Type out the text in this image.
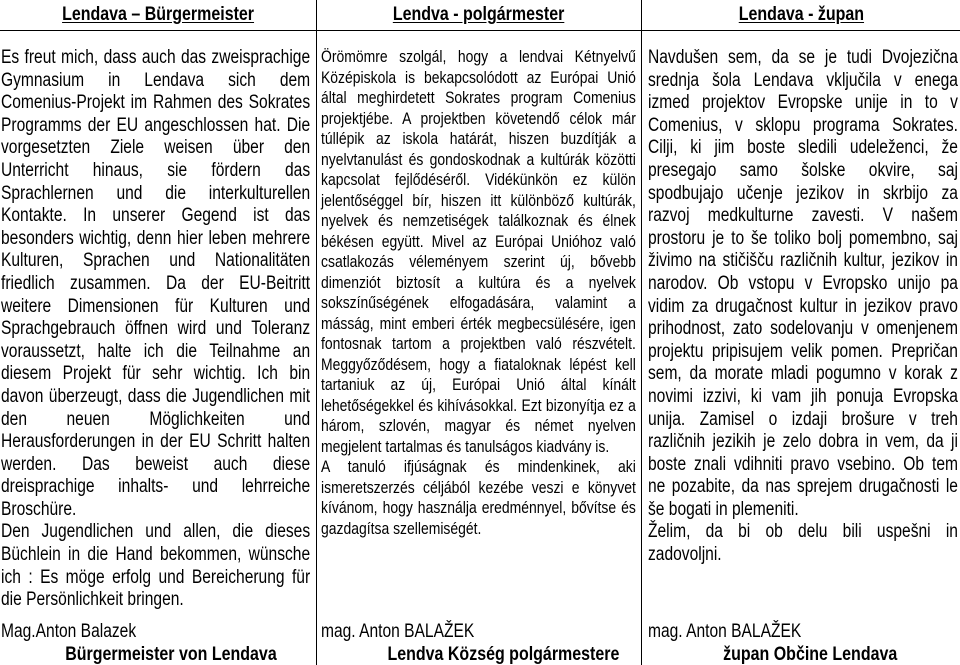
Lendava – Bürgermeister	Lendva - polgármester	Lendava - župan

Es freut mich, dass auch das zweisprachige Gymnasium in Lendava sich dem Comenius-Projekt im Rahmen des Sokrates Programms der EU angeschlossen hat. Die vorgesetzten Ziele weisen über den Unterricht hinaus, sie fördern das Sprachlernen und die interkulturellen Kontakte. In unserer Gegend ist das besonders wichtig, denn hier leben mehrere Kulturen, Sprachen und Nationalitäten friedlich zusammen. Da der EU-Beitritt weitere Dimensionen für Kulturen und Sprachgebrauch öffnen wird und Toleranz voraussetzt, halte ich die Teilnahme an diesem Projekt für sehr wichtig. Ich bin davon überzeugt, dass die Jugendlichen mit den neuen Möglichkeiten und Herausforderungen in der EU Schritt halten werden. Das beweist auch diese dreisprachige inhalts- und lehrreiche Broschüre.

Den Jugendlichen und allen, die dieses Büchlein in die Hand bekommen, wünsche ich : Es möge erfolg und Bereicherung für die Persönlichkeit bringen.

Mag.Anton Balazek
Bürgermeister von Lendava

Örömömre szolgál, hogy a lendvai Kétnyelvű Középiskola is bekapcsolódott az Európai Unió által meghirdetett Sokrates program Comenius projektjébe. A projektben követendő célok már túllépik az iskola határát, hiszen buzdítják a nyelvtanulást és gondoskodnak a kultúrák közötti kapcsolat fejlődéséről. Vidékünkön ez külön jelentőséggel bír, hiszen itt különböző kultúrák, nyelvek és nemzetiségek találkoznak és élnek békésen együtt. Mivel az Európai Unióhoz való csatlakozás véleményem szerint új, bővebb dimenziót biztosít a kultúra és a nyelvek sokszínűségének elfogadására, valamint a másság, mint emberi érték megbecsülésére, igen fontosnak tartom a projektben való részvételt. Meggyőződésem, hogy a fiataloknak lépést kell tartaniuk az új, Európai Unió által kínált lehetőségekkel és kihívásokkal. Ezt bizonyítja ez a három, szlovén, magyar és német nyelven megjelent tartalmas és tanulságos kiadvány is.

A tanuló ifjúságnak és mindenkinek, aki ismeretszerzés céljából kezébe veszi e könyvet kívánom, hogy használja eredménnyel, bővítse és gazdagítsa szellemiségét.

mag. Anton BALAŽEK
Lendva Község polgármestere

Navdušen sem, da se je tudi Dvojezična srednja šola Lendava vključila v enega izmed projektov Evropske unije in to v Comenius, v sklopu programa Sokrates. Cilji, ki jim boste sledili udeleženci, že presegajo samo šolske okvire, saj spodbujajo učenje jezikov in skrbijo za razvoj medkulturne zavesti. V našem prostoru je to še toliko bolj pomembno, saj živimo na stičišču različnih kultur, jezikov in narodov. Ob vstopu v Evropsko unijo pa vidim za drugačnost kultur in jezikov pravo prihodnost, zato sodelovanju v omenjenem projektu pripisujem velik pomen. Prepričan sem, da morate mladi pogumno v korak z novimi izzivi, ki vam jih ponuja Evropska unija. Zamisel o izdaji brošure v treh različnih jezikih je zelo dobra in vem, da ji boste znali vdihniti pravo vsebino. Ob tem ne pozabite, da nas sprejem drugačnosti le še bogati in plemeniti.

Želim, da bi ob delu bili uspešni in zadovoljni.

mag. Anton BALAŽEK
župan Občine Lendava
